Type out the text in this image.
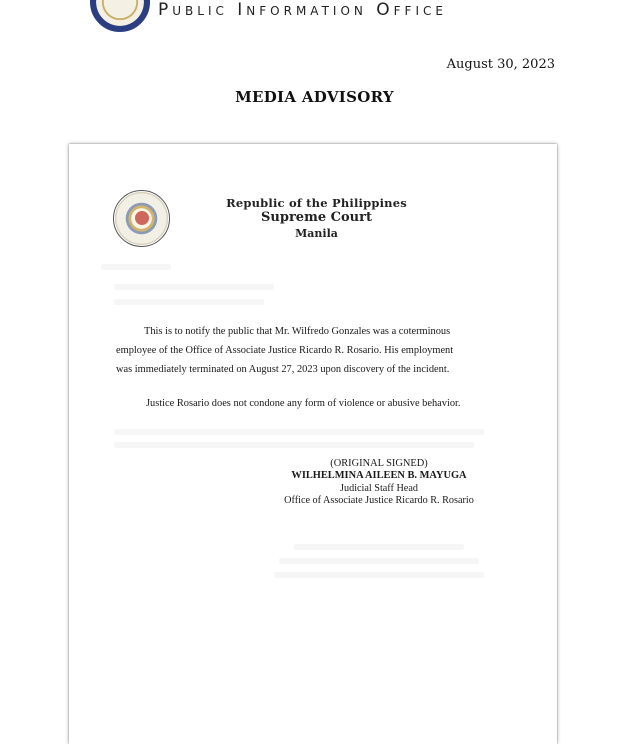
Public Information Office
August 30, 2023
MEDIA ADVISORY
Republic of the Philippines
Supreme Court
Manila
This is to notify the public that Mr. Wilfredo Gonzales was a coterminous
employee of the Office of Associate Justice Ricardo R. Rosario. His employment
was immediately terminated on August 27, 2023 upon discovery of the incident.
Justice Rosario does not condone any form of violence or abusive behavior.
(ORIGINAL SIGNED)
WILHELMINA AILEEN B. MAYUGA
Judicial Staff Head
Office of Associate Justice Ricardo R. Rosario
